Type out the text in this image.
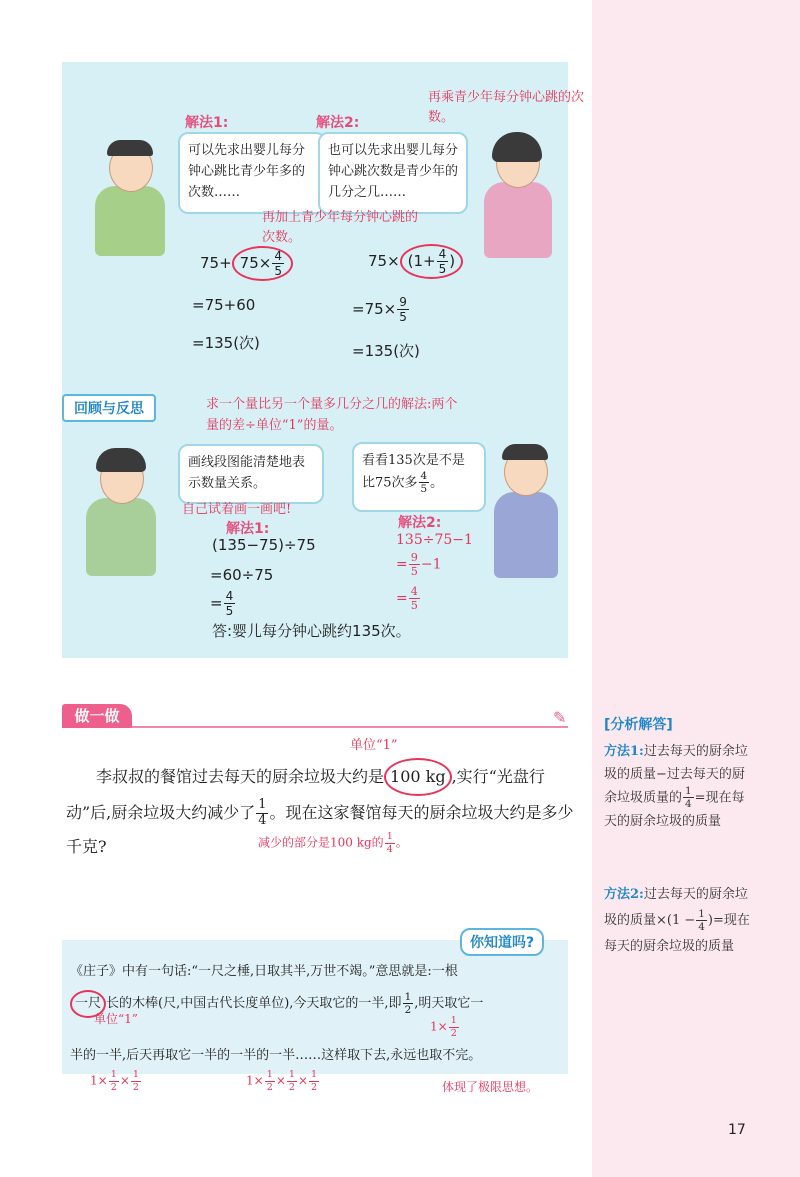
解法1:	解法2:
可以先求出婴儿每分钟心跳比青少年多的次数……
也可以先求出婴儿每分钟心跳次数是青少年的几分之几……
再乘青少年每分钟心跳的次数。
再加上青少年每分钟心跳的次数。
$75+ 75\times \frac{4}{5}$
=75+60
=135(次)
$75\times (1+ \frac{4}{5}$ )
$=75\times \frac{9}{5}$
=135(次)
回顾与反思	求一个量比另一个量多几分之几的解法:两个量的差÷单位“1”的量。
画线段图能清楚地表示数量关系。
看看135次是不是比75次多 $\frac{4}{5}$ 。
自己试着画一画吧!
解法1:
(135−75)÷75
=60÷75
= $\frac{4}{5}$
解法2:
135÷75−1
= $\frac{9}{5} -1$
= $\frac{4}{5}$
答:婴儿每分钟心跳约135次。
做一做	✎
单位“1”
李叔叔的餐馆过去每天的厨余垃圾大约是 100 kg ,实行“光盘行动”后,厨余垃圾大约减少了 $\frac{1}{4}$ 。现在这家餐馆每天的厨余垃圾大约是多少千克?	减少的部分是100 kg的 $\frac{1}{4}$ 。
你知道吗?
《庄子》中有一句话:“一尺之棰,日取其半,万世不竭。”意思就是:一根
一尺 长的木棒(尺,中国古代长度单位),今天取它的一半,即 $\frac{1}{2}$ ,明天取它一
单位“1”
$1\times \frac{1}{2}$
半的一半,后天再取它一半的一半的一半……这样取下去,永远也取不完。
$1\times \frac{1}{2} \times \frac{1}{2}$	$1\times \frac{1}{2} \times \frac{1}{2} \times \frac{1}{2}$	体现了极限思想。
[分析解答]
方法1:过去每天的厨余垃圾的质量−过去每天的厨余垃圾质量的 $\frac{1}{4}$ =现在每天的厨余垃圾的质量
方法2:过去每天的厨余垃圾的质量$\times(1 - \frac{1}{4}$ )=现在每天的厨余垃圾的质量
17
